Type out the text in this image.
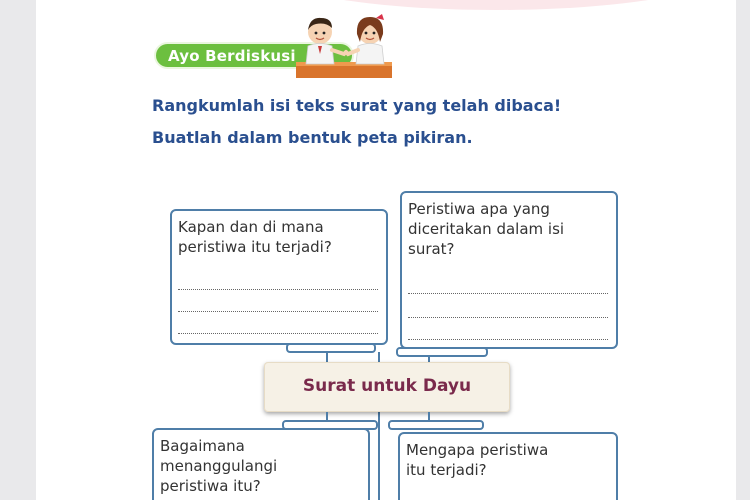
Ayo Berdiskusi
Rangkumlah isi teks surat yang telah dibaca!
Buatlah dalam bentuk peta pikiran.
Kapan dan di mana
peristiwa itu terjadi?
Peristiwa apa yang
diceritakan dalam isi
surat?
Surat untuk Dayu
Bagaimana
menanggulangi
peristiwa itu?
Mengapa peristiwa
itu terjadi?
